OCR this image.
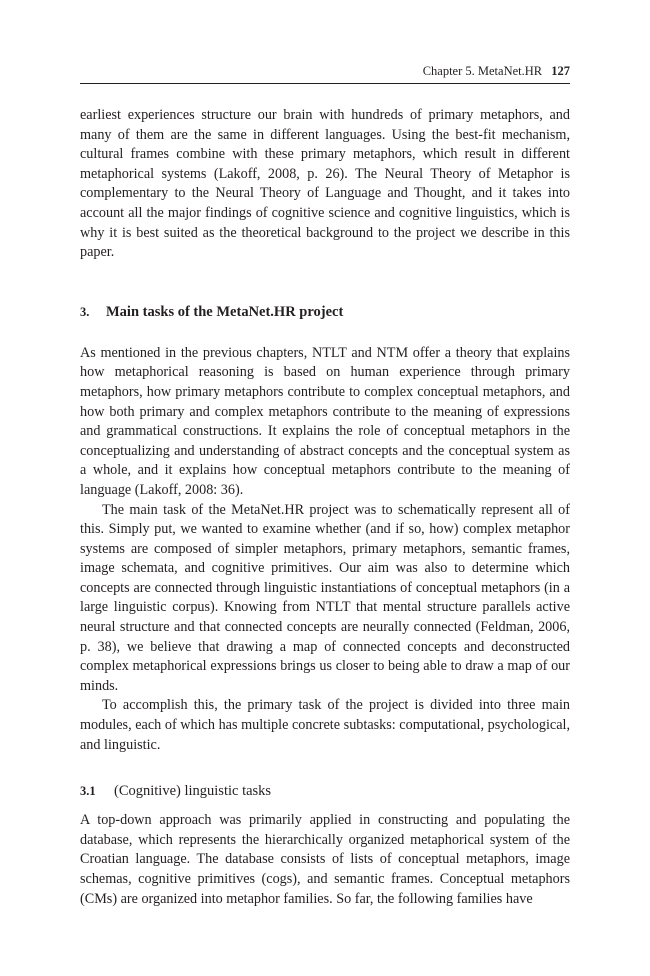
Chapter 5. MetaNet.HR 127

earliest experiences structure our brain with hundreds of primary metaphors, and many of them are the same in different languages. Using the best-fit mechanism, cultural frames combine with these primary metaphors, which result in different metaphorical systems (Lakoff, 2008, p. 26). The Neural Theory of Metaphor is complementary to the Neural Theory of Language and Thought, and it takes into account all the major findings of cognitive science and cognitive linguistics, which is why it is best suited as the theoretical background to the project we describe in this paper.

3. Main tasks of the MetaNet.HR project

As mentioned in the previous chapters, NTLT and NTM offer a theory that explains how metaphorical reasoning is based on human experience through primary metaphors, how primary metaphors contribute to complex conceptual metaphors, and how both primary and complex metaphors contribute to the meaning of expressions and grammatical constructions. It explains the role of conceptual metaphors in the conceptualizing and understanding of abstract concepts and the conceptual system as a whole, and it explains how conceptual metaphors contribute to the meaning of language (Lakoff, 2008: 36).

The main task of the MetaNet.HR project was to schematically represent all of this. Simply put, we wanted to examine whether (and if so, how) complex metaphor systems are composed of simpler metaphors, primary metaphors, semantic frames, image schemata, and cognitive primitives. Our aim was also to determine which concepts are connected through linguistic instantiations of conceptual metaphors (in a large linguistic corpus). Knowing from NTLT that mental structure parallels active neural structure and that connected concepts are neurally connected (Feldman, 2006, p. 38), we believe that drawing a map of connected concepts and deconstructed complex metaphorical expressions brings us closer to being able to draw a map of our minds.

To accomplish this, the primary task of the project is divided into three main modules, each of which has multiple concrete subtasks: computational, psychological, and linguistic.

3.1 (Cognitive) linguistic tasks

A top-down approach was primarily applied in constructing and populating the database, which represents the hierarchically organized metaphorical system of the Croatian language. The database consists of lists of conceptual metaphors, image schemas, cognitive primitives (cogs), and semantic frames. Conceptual metaphors (CMs) are organized into metaphor families. So far, the following families have
